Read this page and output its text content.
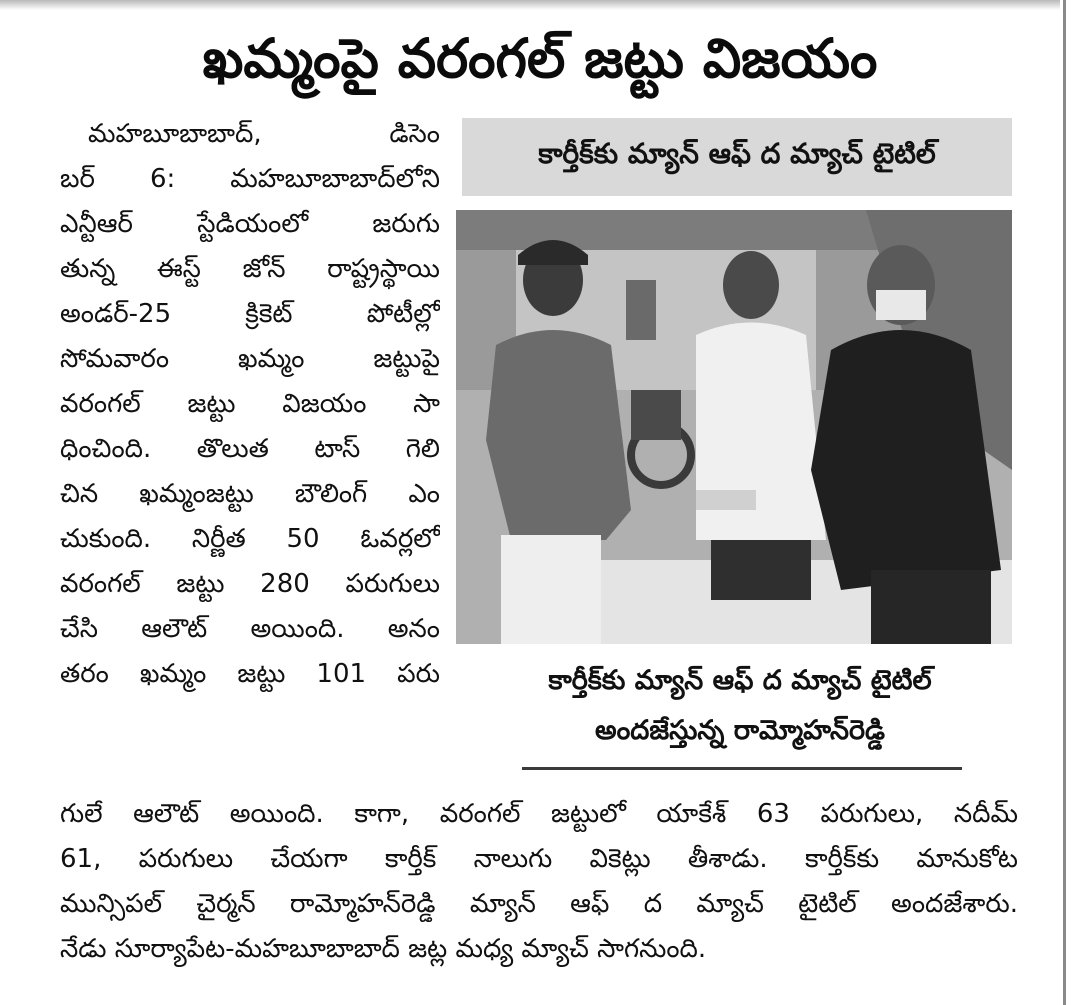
ఖమ్మంపై వరంగల్ జట్టు విజయం
మహబూబాబాద్, డిసెం
బర్ 6: మహబూబాబాద్‌లోని
ఎన్టీఆర్ స్టేడియంలో జరుగు
తున్న ఈస్ట్ జోన్ రాష్ట్రస్థాయి
అండర్-25 క్రికెట్ పోటీల్లో
సోమవారం ఖమ్మం జట్టుపై
వరంగల్ జట్టు విజయం సా
ధించింది. తొలుత టాస్ గెలి
చిన ఖమ్మంజట్టు బౌలింగ్ ఎం
చుకుంది. నిర్ణీత 50 ఓవర్లలో
వరంగల్ జట్టు 280 పరుగులు
చేసి ఆలౌట్ అయింది. అనం
తరం ఖమ్మం జట్టు 101 పరు
కార్తీక్‌కు మ్యాన్ ఆఫ్ ద మ్యాచ్ టైటిల్
కార్తీక్‌కు మ్యాన్ ఆఫ్ ద మ్యాచ్ టైటిల్
అందజేస్తున్న రామ్మోహన్‌రెడ్డి
గులే ఆలౌట్ అయింది. కాగా, వరంగల్ జట్టులో యాకేశ్ 63 పరుగులు, నదీమ్
61, పరుగులు చేయగా కార్తీక్ నాలుగు వికెట్లు తీశాడు. కార్తీక్‌కు మానుకోట
మున్సిపల్ చైర్మన్ రామ్మోహన్‌రెడ్డి మ్యాన్ ఆఫ్ ద మ్యాచ్ టైటిల్ అందజేశారు.
నేడు సూర్యాపేట-మహబూబాబాద్ జట్ల మధ్య మ్యాచ్ సాగనుంది.
